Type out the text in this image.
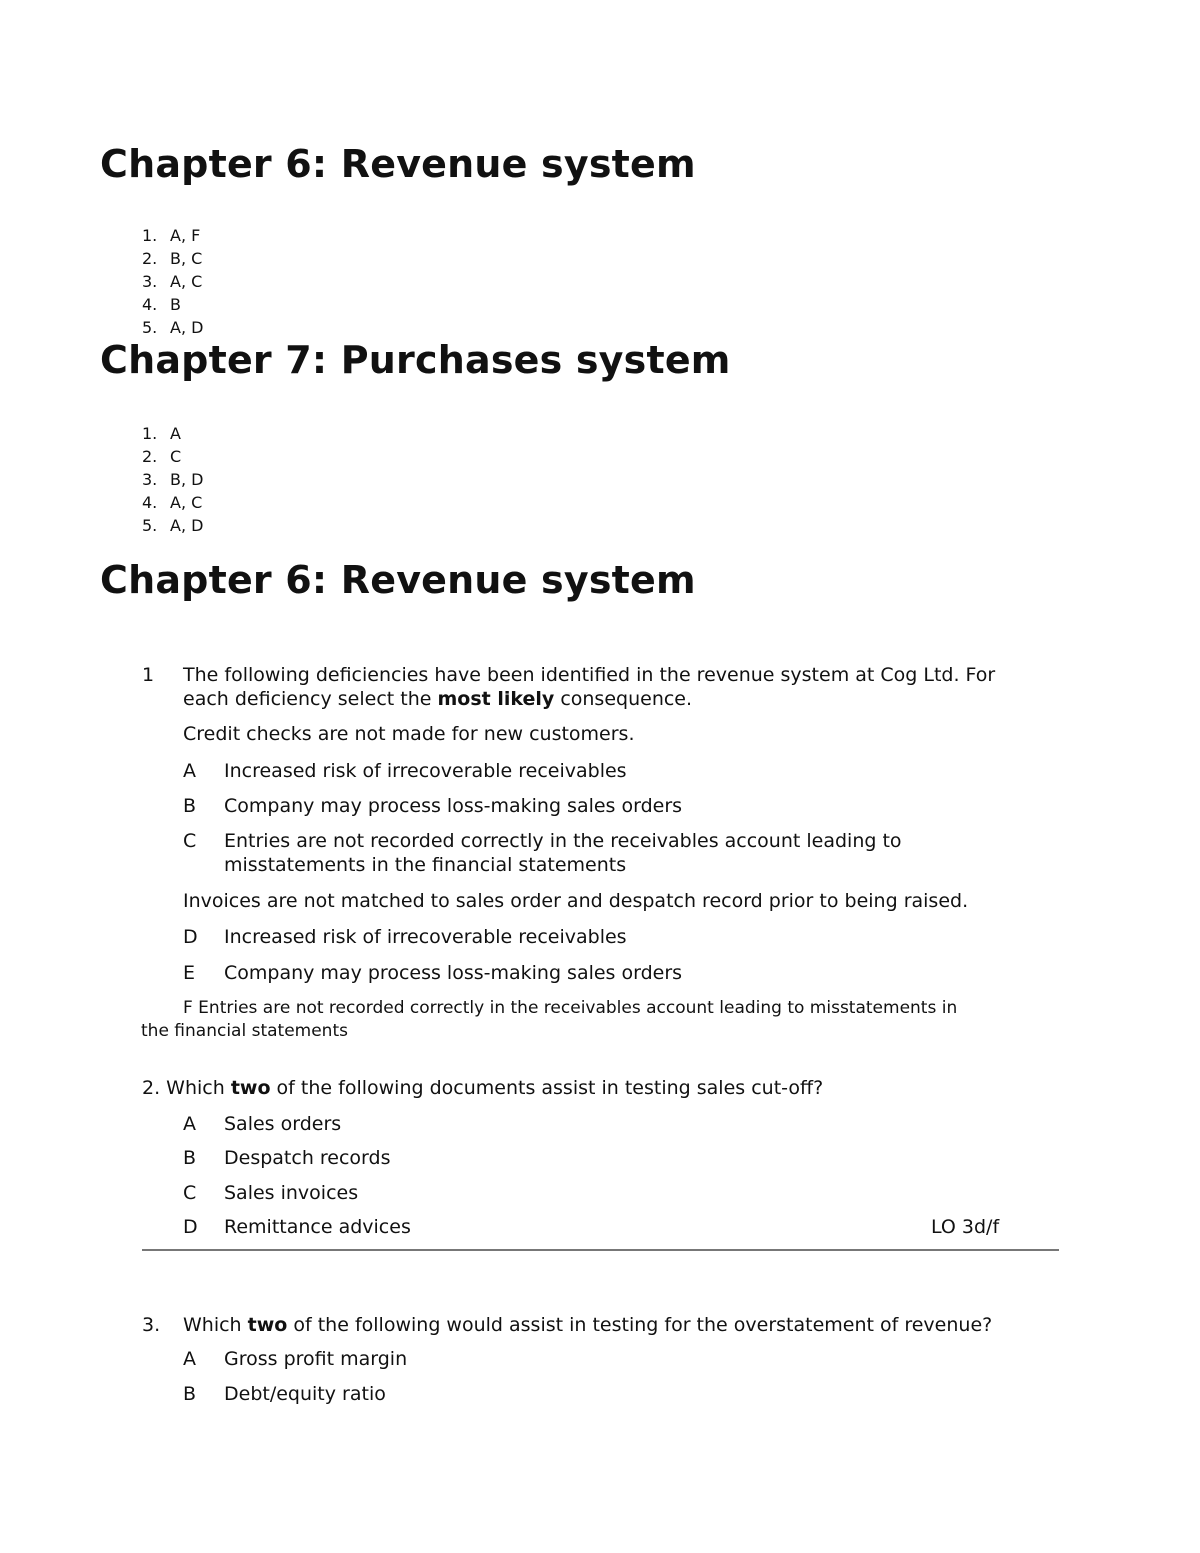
Chapter 6: Revenue system
1. A, F
2. B, C
3. A, C
4. B
5. A, D
Chapter 7: Purchases system
1. A
2. C
3. B, D
4. A, C
5. A, D
Chapter 6: Revenue system
1 The following deficiencies have been identified in the revenue system at Cog Ltd. For
each deficiency select the most likely consequence.
Credit checks are not made for new customers.
A Increased risk of irrecoverable receivables
B Company may process loss-making sales orders
C Entries are not recorded correctly in the receivables account leading to
misstatements in the financial statements
Invoices are not matched to sales order and despatch record prior to being raised.
D Increased risk of irrecoverable receivables
E Company may process loss-making sales orders
F Entries are not recorded correctly in the receivables account leading to misstatements in
the financial statements
2. Which two of the following documents assist in testing sales cut-off?
A Sales orders
B Despatch records
C Sales invoices
D Remittance advices	LO 3d/f
3. Which two of the following would assist in testing for the overstatement of revenue?
A Gross profit margin
B Debt/equity ratio
